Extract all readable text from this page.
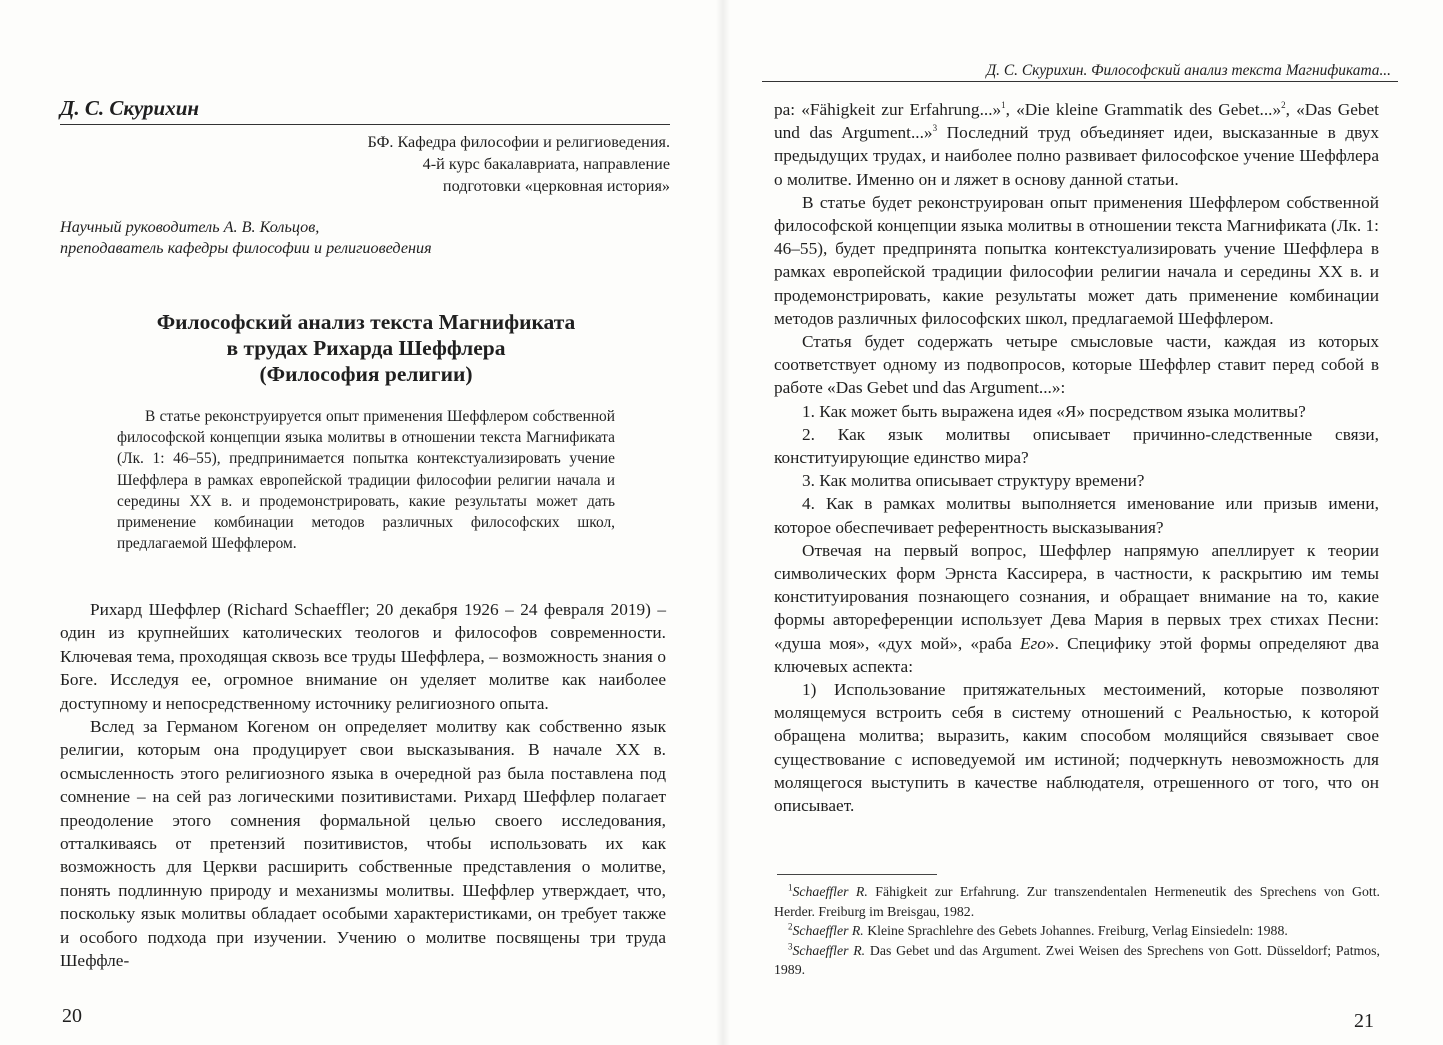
Д. С. Скурихин
БФ. Кафедра философии и религиоведения.
4-й курс бакалавриата, направление
подготовки «церковная история»
Научный руководитель А. В. Кольцов,
преподаватель кафедры философии и религиоведения
Философский анализ текста Магнификата
в трудах Рихарда Шеффлера
(Философия религии)

В статье реконструируется опыт применения Шеффлером собственной философской концепции языка молитвы в отношении текста Магнификата (Лк. 1: 46–55), предпринимается попытка контекстуализировать учение Шеффлера в рамках европейской традиции философии религии начала и середины XX в. и продемонстрировать, какие результаты может дать применение комбинации методов различных философских школ, предлагаемой Шеффлером.

Рихард Шеффлер (Richard Schaeffler; 20 декабря 1926 – 24 февраля 2019) – один из крупнейших католических теологов и философов современности. Ключевая тема, проходящая сквозь все труды Шеффлера, – возможность знания о Боге. Исследуя ее, огромное внимание он уделяет молитве как наиболее доступному и непосредственному источнику религиозного опыта.

Вслед за Германом Когеном он определяет молитву как собственно язык религии, которым она продуцирует свои высказывания. В начале XX в. осмысленность этого религиозного языка в очередной раз была поставлена под сомнение – на сей раз логическими позитивистами. Рихард Шеффлер полагает преодоление этого сомнения формальной целью своего исследования, отталкиваясь от претензий позитивистов, чтобы использовать их как возможность для Церкви расширить собственные представления о молитве, понять подлинную природу и механизмы молитвы. Шеффлер утверждает, что, поскольку язык молитвы обладает особыми характеристиками, он требует также и особого подхода при изучении. Учению о молитве посвящены три труда Шеффле-

20
Д. С. Скурихин. Философский анализ текста Магнификата...

ра: «Fähigkeit zur Erfahrung...»$^1$, «Die kleine Grammatik des Gebet...»$^2$, «Das Gebet und das Argument...»$^3$ Последний труд объединяет идеи, высказанные в двух предыдущих трудах, и наиболее полно развивает философское учение Шеффлера о молитве. Именно он и ляжет в основу данной статьи.

В статье будет реконструирован опыт применения Шеффлером собственной философской концепции языка молитвы в отношении текста Магнификата (Лк. 1: 46–55), будет предпринята попытка контекстуализировать учение Шеффлера в рамках европейской традиции философии религии начала и середины XX в. и продемонстрировать, какие результаты может дать применение комбинации методов различных философских школ, предлагаемой Шеффлером.

Статья будет содержать четыре смысловые части, каждая из которых соответствует одному из подвопросов, которые Шеффлер ставит перед собой в работе «Das Gebet und das Argument...»:

1. Как может быть выражена идея «Я» посредством языка молитвы?

2. Как язык молитвы описывает причинно-следственные связи, конституирующие единство мира?

3. Как молитва описывает структуру времени?

4. Как в рамках молитвы выполняется именование или призыв имени, которое обеспечивает референтность высказывания?

Отвечая на первый вопрос, Шеффлер напрямую апеллирует к теории символических форм Эрнста Кассирера, в частности, к раскрытию им темы конституирования познающего сознания, и обращает внимание на то, какие формы автореференции использует Дева Мария в первых трех стихах Песни: «душа моя», «дух мой», «раба Его». Специфику этой формы определяют два ключевых аспекта:

1) Использование притяжательных местоимений, которые позволяют молящемуся встроить себя в систему отношений с Реальностью, к которой обращена молитва; выразить, каким способом молящийся связывает свое существование с исповедуемой им истиной; подчеркнуть невозможность для молящегося выступить в качестве наблюдателя, отрешенного от того, что он описывает.

$^1$Schaeffler R. Fähigkeit zur Erfahrung. Zur transzendentalen Hermeneutik des Sprechens von Gott. Herder. Freiburg im Breisgau, 1982.

$^2$Schaeffler R. Kleine Sprachlehre des Gebets Johannes. Freiburg, Verlag Einsiedeln: 1988.

$^3$Schaeffler R. Das Gebet und das Argument. Zwei Weisen des Sprechens von Gott. Düsseldorf; Patmos, 1989.

21
